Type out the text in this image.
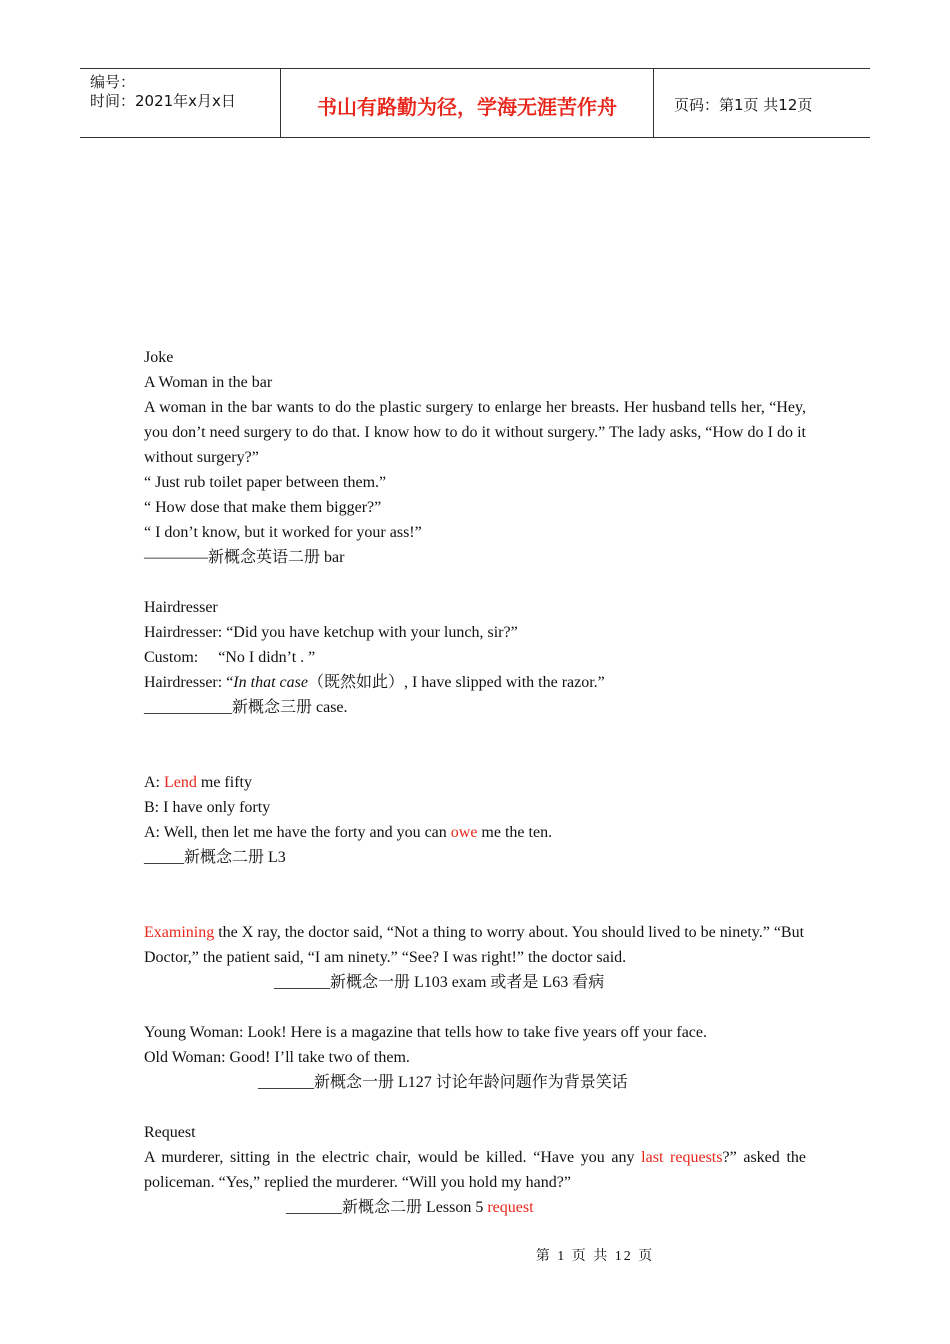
编号：
时间：2021年x月x日	书山有路勤为径，学海无涯苦作舟	页码：第1页 共12页

Joke

A Woman in the bar

A woman in the bar wants to do the plastic surgery to enlarge her breasts. Her husband tells her, “Hey, you don’t need surgery to do that. I know how to do it without surgery.” The lady asks, “How do I do it without surgery?”

“ Just rub toilet paper between them.”

“ How dose that make them bigger?”

“ I don’t know, but it worked for your ass!”

————新概念英语二册 bar

Hairdresser

Hairdresser: “Did you have ketchup with your lunch, sir?”

Custom:     “No I didn’t . ”

Hairdresser: “In that case（既然如此）, I have slipped with the razor.”

___________新概念三册 case.

A: Lend me fifty

B: I have only forty

A: Well, then let me have the forty and you can owe me the ten.

_____新概念二册 L3

Examining the X ray, the doctor said, “Not a thing to worry about. You should lived to be ninety.” “But Doctor,” the patient said, “I am ninety.” “See? I was right!” the doctor said.

_______新概念一册 L103 exam 或者是 L63 看病

Young Woman: Look! Here is a magazine that tells how to take five years off your face.

Old Woman: Good! I’ll take two of them.

_______新概念一册 L127 讨论年龄问题作为背景笑话

Request

A murderer, sitting in the electric chair, would be killed. “Have you any last requests?” asked the policeman. “Yes,” replied the murderer. “Will you hold my hand?”

_______新概念二册 Lesson 5 request

第 1 页 共 12 页
